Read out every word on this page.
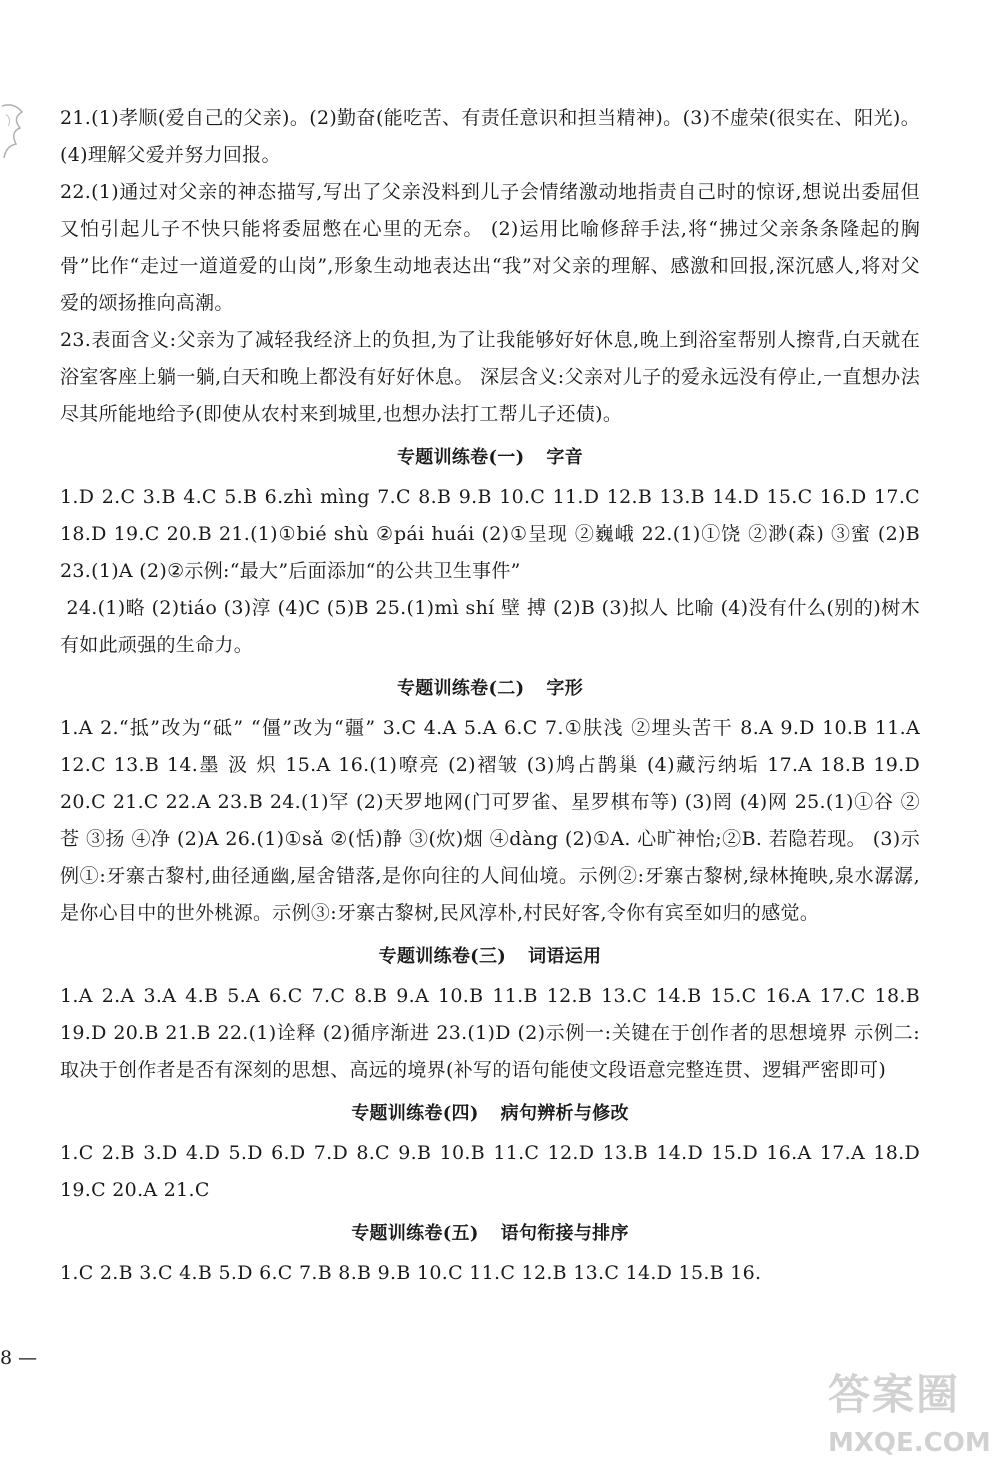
21.(1)孝顺(爱自己的父亲)。(2)勤奋(能吃苦、有责任意识和担当精神)。(3)不虚荣(很实在、阳光)。(4)理解父爱并努力回报。

22.(1)通过对父亲的神态描写,写出了父亲没料到儿子会情绪激动地指责自己时的惊讶,想说出委屈但又怕引起儿子不快只能将委屈憋在心里的无奈。 (2)运用比喻修辞手法,将“拂过父亲条条隆起的胸骨”比作“走过一道道爱的山岗”,形象生动地表达出“我”对父亲的理解、感激和回报,深沉感人,将对父爱的颂扬推向高潮。

23.表面含义:父亲为了减轻我经济上的负担,为了让我能够好好休息,晚上到浴室帮别人擦背,白天就在浴室客座上躺一躺,白天和晚上都没有好好休息。 深层含义:父亲对儿子的爱永远没有停止,一直想办法尽其所能地给予(即使从农村来到城里,也想办法打工帮儿子还债)。

专题训练卷(一) 字音

1.D 2.C 3.B 4.C 5.B 6.zhì mìng 7.C 8.B 9.B 10.C 11.D 12.B 13.B 14.D 15.C 16.D 17.C 18.D 19.C 20.B 21.(1)①bié shù ②pái huái (2)①呈现 ②巍峨 22.(1)①饶 ②渺(森) ③蜜 (2)B 23.(1)A (2)②示例:“最大”后面添加“的公共卫生事件”

24.(1)略 (2)tiáo (3)淳 (4)C (5)B 25.(1)mì shí 壁 搏 (2)B (3)拟人 比喻 (4)没有什么(别的)树木有如此顽强的生命力。

专题训练卷(二) 字形

1.A 2.“抵”改为“砥” “僵”改为“疆” 3.C 4.A 5.A 6.C 7.①肤浅 ②埋头苦干 8.A 9.D 10.B 11.A 12.C 13.B 14.墨 汲 炽 15.A 16.(1)嘹亮 (2)褶皱 (3)鸠占鹊巢 (4)藏污纳垢 17.A 18.B 19.D 20.C 21.C 22.A 23.B 24.(1)罕 (2)天罗地网(门可罗雀、星罗棋布等) (3)罔 (4)网 25.(1)①谷 ②苍 ③扬 ④净 (2)A 26.(1)①sǎ ②(恬)静 ③(炊)烟 ④dàng (2)①A. 心旷神怡;②B. 若隐若现。 (3)示例①:牙寨古黎村,曲径通幽,屋舍错落,是你向往的人间仙境。示例②:牙寨古黎树,绿林掩映,泉水潺潺,是你心目中的世外桃源。示例③:牙寨古黎树,民风淳朴,村民好客,令你有宾至如归的感觉。

专题训练卷(三) 词语运用

1.A 2.A 3.A 4.B 5.A 6.C 7.C 8.B 9.A 10.B 11.B 12.B 13.C 14.B 15.C 16.A 17.C 18.B 19.D 20.B 21.B 22.(1)诠释 (2)循序渐进 23.(1)D (2)示例一:关键在于创作者的思想境界 示例二:取决于创作者是否有深刻的思想、高远的境界(补写的语句能使文段语意完整连贯、逻辑严密即可)

专题训练卷(四) 病句辨析与修改

1.C 2.B 3.D 4.D 5.D 6.D 7.D 8.C 9.B 10.B 11.C 12.D 13.B 14.D 15.D 16.A 17.A 18.D 19.C 20.A 21.C

专题训练卷(五) 语句衔接与排序

1.C 2.B 3.C 4.B 5.D 6.C 7.B 8.B 9.B 10.C 11.C 12.B 13.C 14.D 15.B 16.

8 —
答案圈
MXQE.COM
